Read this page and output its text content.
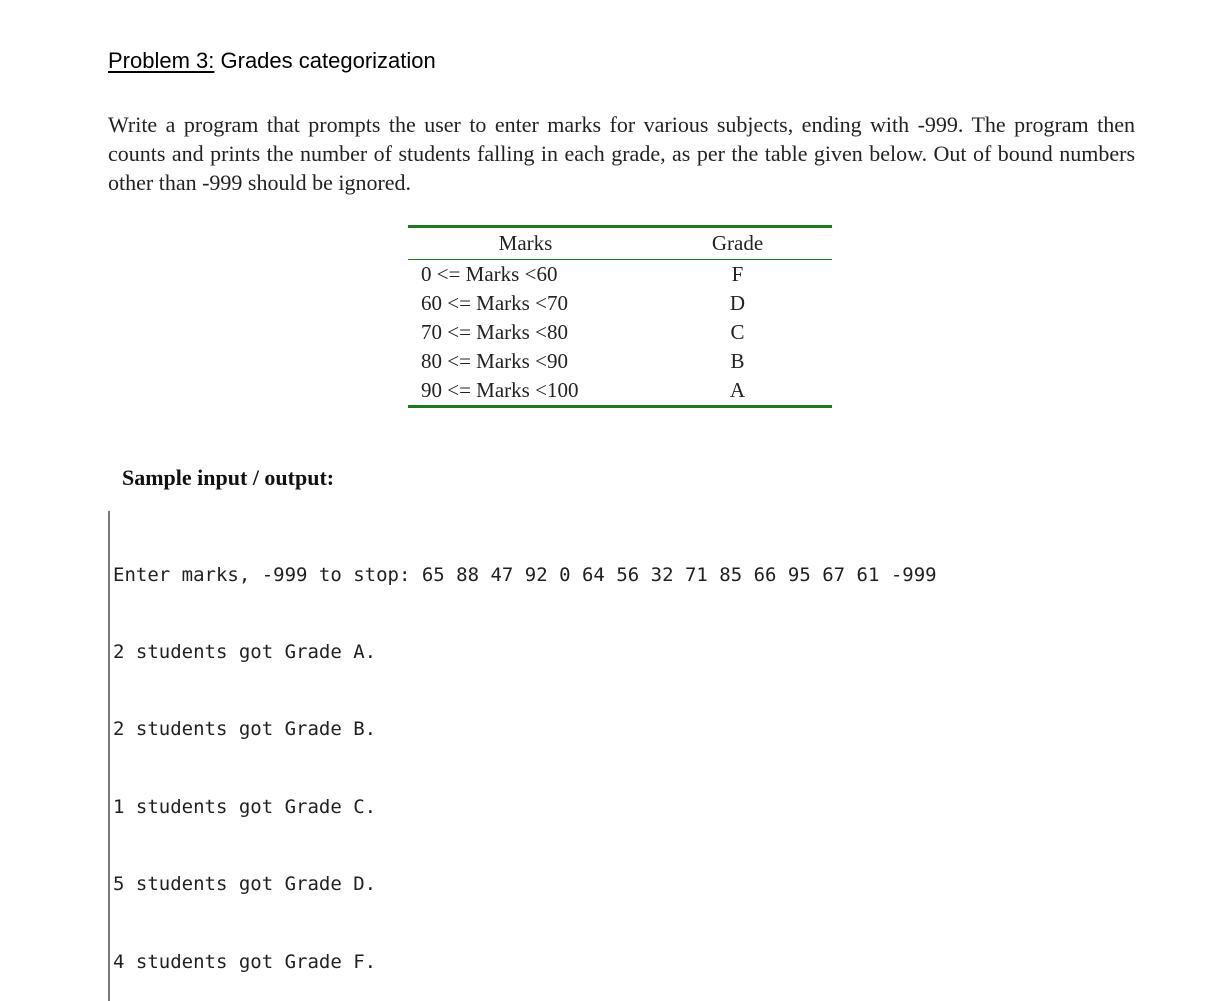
Problem 3: Grades categorization
Write a program that prompts the user to enter marks for various subjects, ending with -999. The program then counts and prints the number of students falling in each grade, as per the table given below. Out of bound numbers other than -999 should be ignored.
Marks	Grade
0 <= Marks <60	F
60 <= Marks <70	D
70 <= Marks <80	C
80 <= Marks <90	B
90 <= Marks <100	A
Sample input / output:

Enter marks, -999 to stop: 65 88 47 92 0 64 56 32 71 85 66 95 67 61 -999

2 students got Grade A.

2 students got Grade B.

1 students got Grade C.

5 students got Grade D.

4 students got Grade F.
